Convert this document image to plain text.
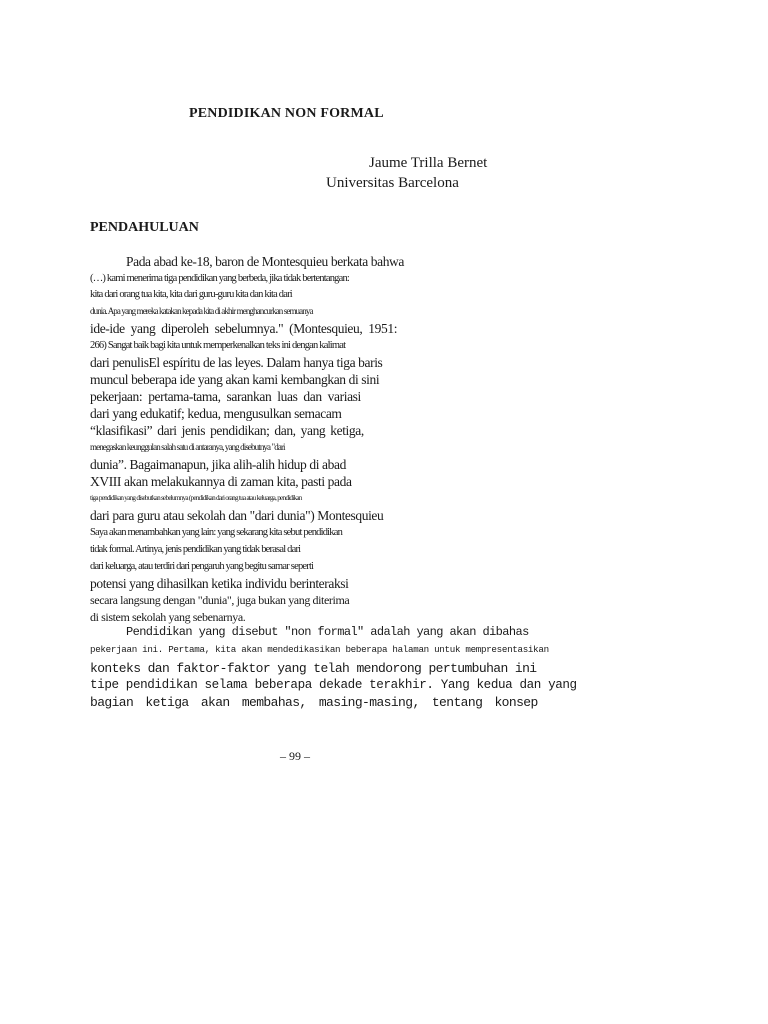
PENDIDIKAN NON FORMAL
Jaume Trilla Bernet
Universitas Barcelona
PENDAHULUAN
Pada abad ke-18, baron de Montesquieu berkata bahwa
(…) kami menerima tiga pendidikan yang berbeda, jika tidak bertentangan:
kita dari orang tua kita, kita dari guru-guru kita dan kita dari
dunia. Apa yang mereka katakan kepada kita di akhir menghancurkan semuanya
ide-ide yang diperoleh sebelumnya." (Montesquieu, 1951:
266) Sangat baik bagi kita untuk memperkenalkan teks ini dengan kalimat
dari penulisEl espíritu de las leyes. Dalam hanya tiga baris
muncul beberapa ide yang akan kami kembangkan di sini
pekerjaan: pertama-tama, sarankan luas dan variasi
dari yang edukatif; kedua, mengusulkan semacam
“klasifikasi” dari jenis pendidikan; dan, yang ketiga,
menegaskan keunggulan salah satu di antaranya, yang disebutnya "dari
dunia”. Bagaimanapun, jika alih-alih hidup di abad
XVIII akan melakukannya di zaman kita, pasti pada
tiga pendidikan yang disebutkan sebelumnya (pendidikan dari orang tua atau keluarga, pendidikan
dari para guru atau sekolah dan "dari dunia") Montesquieu
Saya akan menambahkan yang lain: yang sekarang kita sebut pendidikan
tidak formal. Artinya, jenis pendidikan yang tidak berasal dari
dari keluarga, atau terdiri dari pengaruh yang begitu samar seperti
potensi yang dihasilkan ketika individu berinteraksi
secara langsung dengan "dunia", juga bukan yang diterima
di sistem sekolah yang sebenarnya.
Pendidikan yang disebut "non formal" adalah yang akan dibahas
pekerjaan ini. Pertama, kita akan mendedikasikan beberapa halaman untuk mempresentasikan
konteks dan faktor-faktor yang telah mendorong pertumbuhan ini
tipe pendidikan selama beberapa dekade terakhir. Yang kedua dan yang
bagian ketiga akan membahas, masing-masing, tentang konsep
– 99 –
